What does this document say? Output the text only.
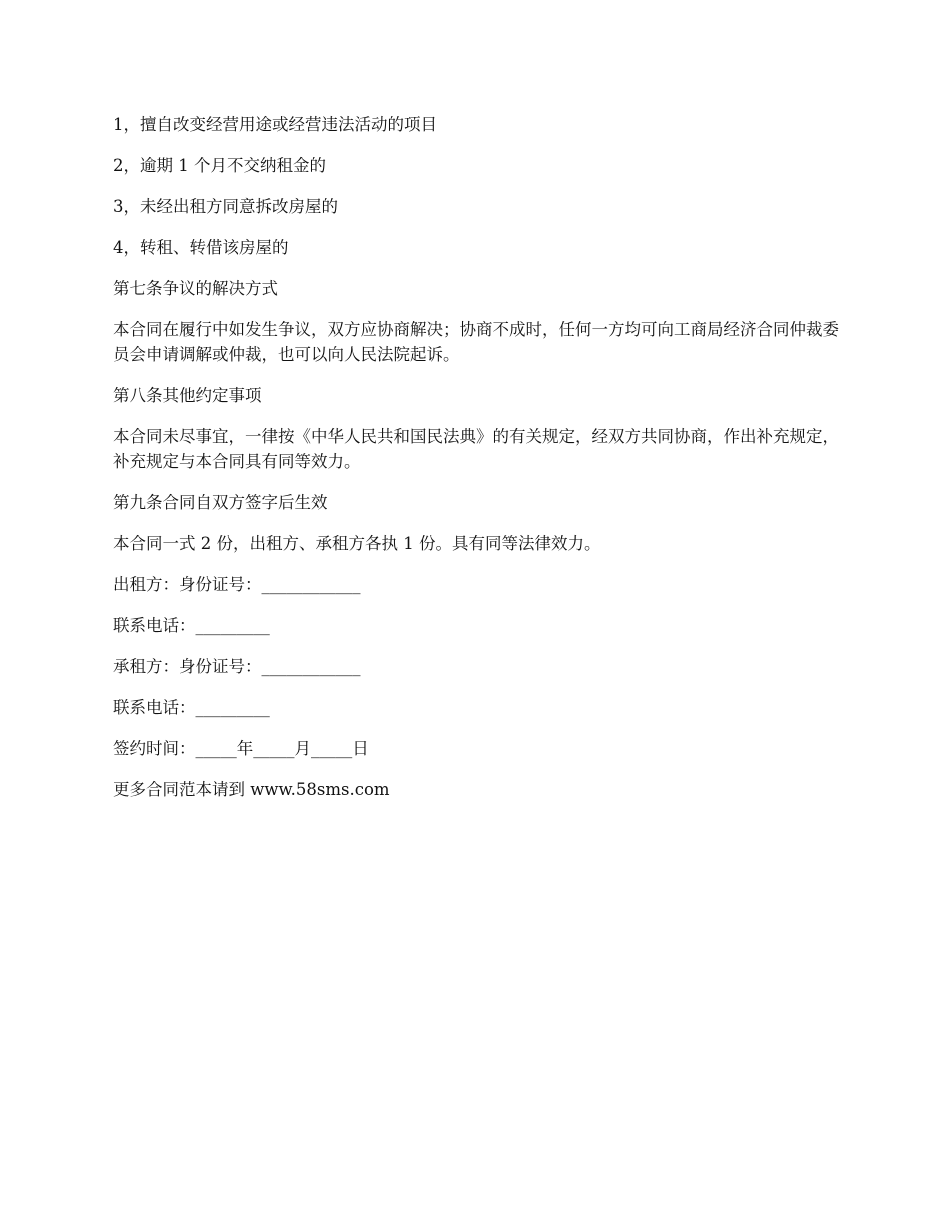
1，擅自改变经营用途或经营违法活动的项目

2，逾期 1 个月不交纳租金的

3，未经出租方同意拆改房屋的

4，转租、转借该房屋的

第七条争议的解决方式

本合同在履行中如发生争议，双方应协商解决；协商不成时，任何一方均可向工商局经济合同仲裁委员会申请调解或仲裁，也可以向人民法院起诉。

第八条其他约定事项

本合同未尽事宜，一律按《中华人民共和国民法典》的有关规定，经双方共同协商，作出补充规定，补充规定与本合同具有同等效力。

第九条合同自双方签字后生效

本合同一式 2 份，出租方、承租方各执 1 份。具有同等法律效力。

出租方：身份证号：____________

联系电话：_________

承租方：身份证号：____________

联系电话：_________

签约时间：_____年_____月_____日

更多合同范本请到 www.58sms.com
